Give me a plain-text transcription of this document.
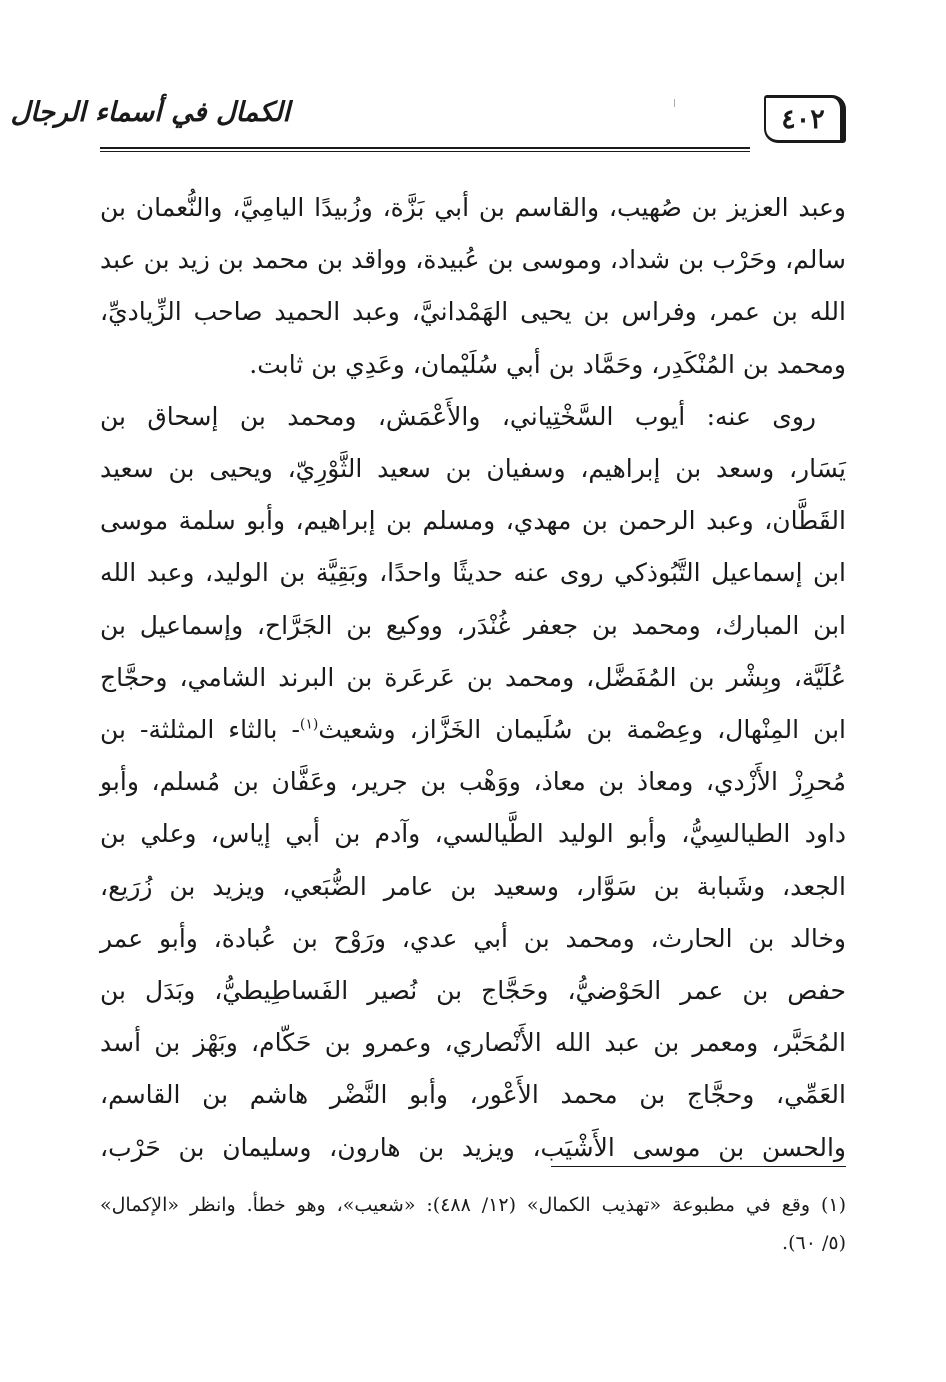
الكمال في أسماء الرجال	٤٠٢

وعبد العزيز بن صُهيب، والقاسم بن أبي بَزَّة، وزُبيدًا اليامِيَّ، والنُّعمان بن
سالم، وحَرْب بن شداد، وموسى بن عُبيدة، وواقد بن محمد بن زيد بن عبد
الله بن عمر، وفراس بن يحيى الهَمْدانيَّ، وعبد الحميد صاحب الزِّياديِّ،
ومحمد بن المُنْكَدِر، وحَمَّاد بن أبي سُلَيْمان، وعَدِي بن ثابت.

روى عنه: أيوب السَّخْتِياني، والأَعْمَش، ومحمد بن إسحاق بن
يَسَار، وسعد بن إبراهيم، وسفيان بن سعيد الثَّوْرِيّ، ويحيى بن سعيد
القَطَّان، وعبد الرحمن بن مهدي، ومسلم بن إبراهيم، وأبو سلمة موسى
ابن إسماعيل التَّبُوذكي روى عنه حديثًا واحدًا، وبَقِيَّة بن الوليد، وعبد الله
ابن المبارك، ومحمد بن جعفر غُنْدَر، ووكيع بن الجَرَّاح، وإسماعيل بن
عُلَيَّة، وبِشْر بن المُفَضَّل، ومحمد بن عَرعَرة بن البرند الشامي، وحجَّاج
ابن المِنْهال، وعِصْمة بن سُلَيمان الخَزَّاز، وشعيث$^{(١)}$- بالثاء المثلثة- بن
مُحرِزْ الأَزْدي، ومعاذ بن معاذ، ووَهْب بن جرير، وعَفَّان بن مُسلم، وأبو
داود الطيالسِيُّ، وأبو الوليد الطَّيالسي، وآدم بن أبي إياس، وعلي بن
الجعد، وشَبابة بن سَوَّار، وسعيد بن عامر الضُّبَعي، ويزيد بن زُرَيع،
وخالد بن الحارث، ومحمد بن أبي عدي، ورَوْح بن عُبادة، وأبو عمر
حفص بن عمر الحَوْضيُّ، وحَجَّاج بن نُصير الفَساطِيطيُّ، وبَدَل بن
المُحَبَّر، ومعمر بن عبد الله الأَنْصاري، وعمرو بن حَكّام، وبَهْز بن أسد
العَمِّي، وحجَّاج بن محمد الأَعْور، وأبو النَّضْر هاشم بن القاسم،
والحسن بن موسى الأَشْيَب، ويزيد بن هارون، وسليمان بن حَرْب،

(١) وقع في مطبوعة «تهذيب الكمال» (١٢/ ٤٨٨): «شعيب»، وهو خطأ. وانظر «الإكمال»
(٥/ ٦٠).
